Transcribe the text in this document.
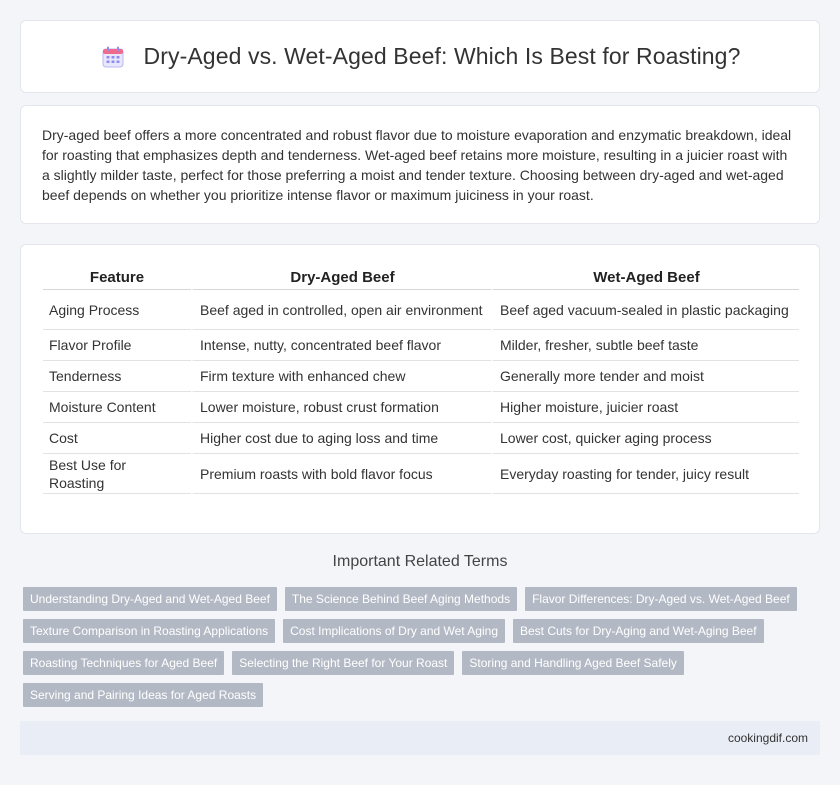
Dry-Aged vs. Wet-Aged Beef: Which Is Best for Roasting?

Dry-aged beef offers a more concentrated and robust flavor due to moisture evaporation and enzymatic breakdown, ideal for roasting that emphasizes depth and tenderness. Wet-aged beef retains more moisture, resulting in a juicier roast with a slightly milder taste, perfect for those preferring a moist and tender texture. Choosing between dry-aged and wet-aged beef depends on whether you prioritize intense flavor or maximum juiciness in your roast.

Feature	Dry-Aged Beef	Wet-Aged Beef
Aging Process	Beef aged in controlled, open air environment	Beef aged vacuum-sealed in plastic packaging
Flavor Profile	Intense, nutty, concentrated beef flavor	Milder, fresher, subtle beef taste
Tenderness	Firm texture with enhanced chew	Generally more tender and moist
Moisture Content	Lower moisture, robust crust formation	Higher moisture, juicier roast
Cost	Higher cost due to aging loss and time	Lower cost, quicker aging process
Best Use for Roasting	Premium roasts with bold flavor focus	Everyday roasting for tender, juicy result
Important Related Terms
Understanding Dry-Aged and Wet-Aged Beef	The Science Behind Beef Aging Methods	Flavor Differences: Dry-Aged vs. Wet-Aged Beef
Texture Comparison in Roasting Applications	Cost Implications of Dry and Wet Aging	Best Cuts for Dry-Aging and Wet-Aging Beef
Roasting Techniques for Aged Beef	Selecting the Right Beef for Your Roast	Storing and Handling Aged Beef Safely
Serving and Pairing Ideas for Aged Roasts
cookingdif.com
